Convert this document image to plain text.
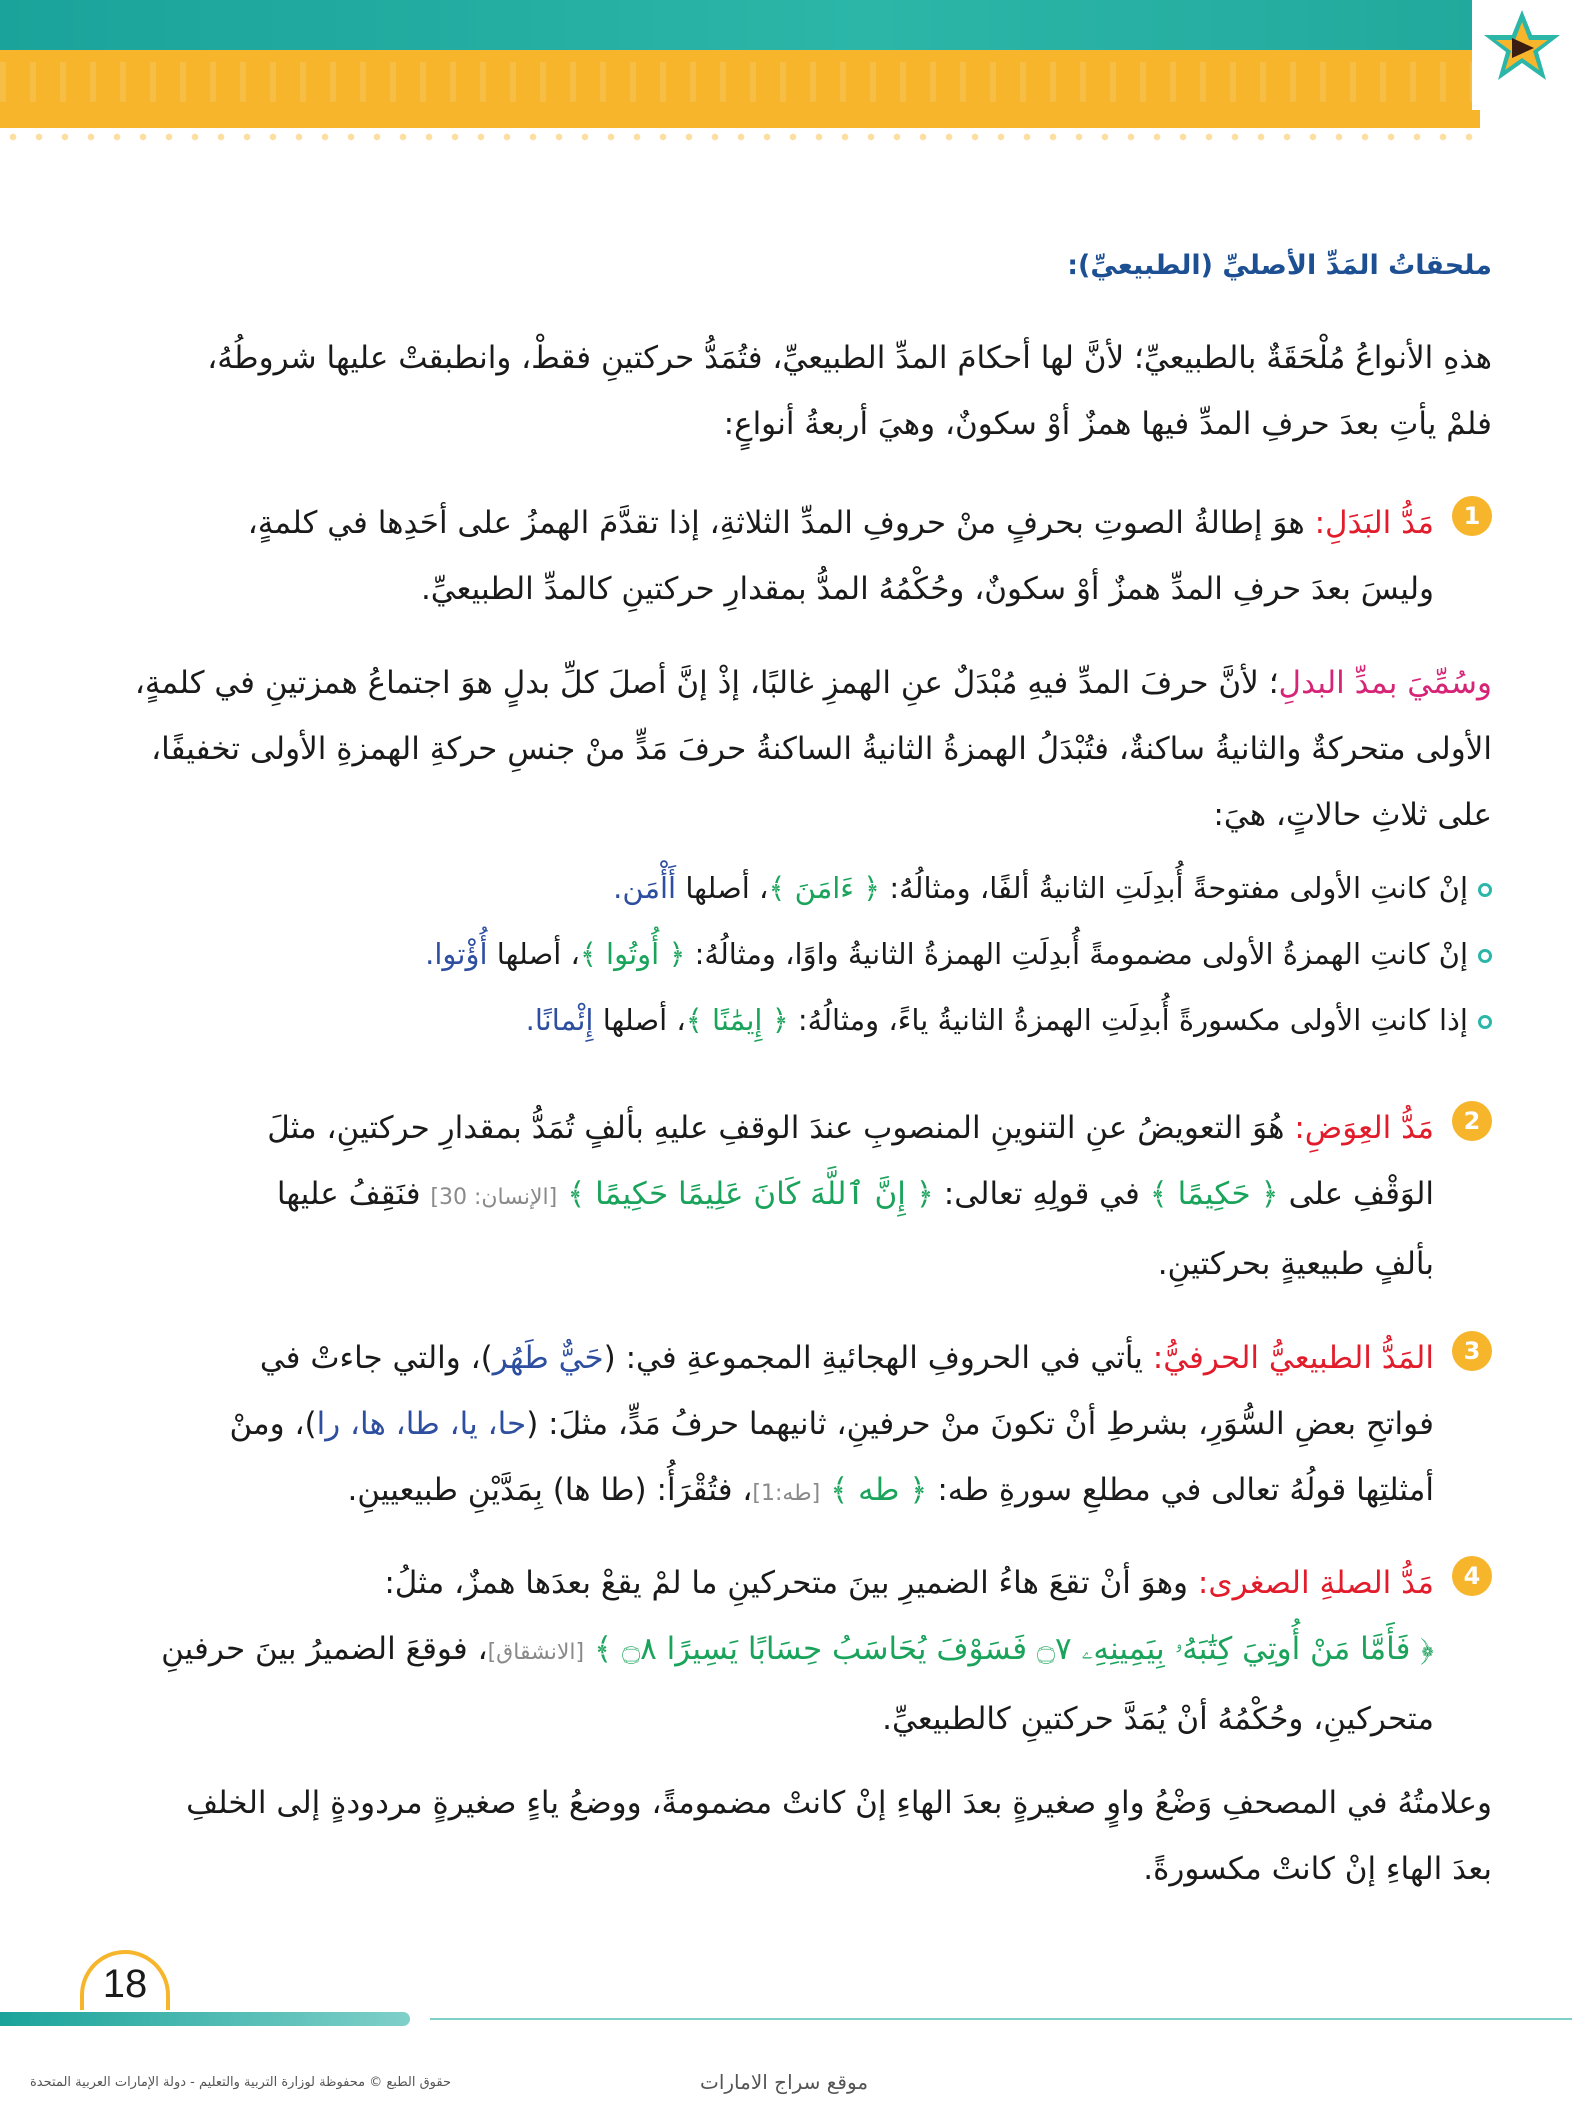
ملحقاتُ المَدِّ الأصليِّ (الطبيعيِّ):

هذهِ الأنواعُ مُلْحَقَةٌ بالطبيعيِّ؛ لأنَّ لها أحكامَ المدِّ الطبيعيِّ، فتُمَدُّ حركتينِ فقطْ، وانطبقتْ عليها شروطُهُ،

فلمْ يأتِ بعدَ حرفِ المدِّ فيها همزٌ أوْ سكونٌ، وهيَ أربعةُ أنواعٍ:

1
مَدُّ البَدَلِ: هوَ إطالةُ الصوتِ بحرفٍ منْ حروفِ المدِّ الثلاثةِ، إذا تقدَّمَ الهمزُ على أحَدِها في كلمةٍ،
وليسَ بعدَ حرفِ المدِّ همزٌ أوْ سكونٌ، وحُكْمُهُ المدُّ بمقدارِ حركتينِ كالمدِّ الطبيعيِّ.

وسُمِّيَ بمدِّ البدلِ؛ لأنَّ حرفَ المدِّ فيهِ مُبْدَلٌ عنِ الهمزِ غالبًا، إذْ إنَّ أصلَ كلِّ بدلٍ هوَ اجتماعُ همزتينِ في كلمةٍ،

الأولى متحركةٌ والثانيةُ ساكنةٌ، فتُبْدَلُ الهمزةُ الثانيةُ الساكنةُ حرفَ مَدٍّ منْ جنسِ حركةِ الهمزةِ الأولى تخفيفًا،

على ثلاثِ حالاتٍ، هيَ:

إنْ كانتِ الأولى مفتوحةً أُبدِلَتِ الثانيةُ ألفًا، ومثالُهُ: ﴿ ءَامَنَ ﴾، أصلها أَأْمَن.
إنْ كانتِ الهمزةُ الأولى مضمومةً أُبدِلَتِ الهمزةُ الثانيةُ واوًا، ومثالُهُ: ﴿ أُوتُوا ﴾، أصلها أُؤْتوا.
إذا كانتِ الأولى مكسورةً أُبدِلَتِ الهمزةُ الثانيةُ ياءً، ومثالُهُ: ﴿ إِيمَٰنًا ﴾، أصلها إِئْمانًا.
2
مَدُّ العِوَضِ: هُوَ التعويضُ عنِ التنوينِ المنصوبِ عندَ الوقفِ عليهِ بألفٍ تُمَدُّ بمقدارِ حركتينِ، مثلَ
الوَقْفِ على ﴿ حَكِيمًا ﴾ في قولِهِ تعالى: ﴿ إِنَّ ٱللَّهَ كَانَ عَلِيمًا حَكِيمًا ﴾ [الإنسان: 30] فنَقِفُ عليها
بألفٍ طبيعيةٍ بحركتينِ.
3
المَدُّ الطبيعيُّ الحرفيُّ: يأتي في الحروفِ الهجائيةِ المجموعةِ في: (حَيٌّ طَهُر)، والتي جاءتْ في
فواتحِ بعضِ السُّوَرِ، بشرطِ أنْ تكونَ منْ حرفينِ، ثانيهما حرفُ مَدٍّ، مثلَ: (حا، يا، طا، ها، را)، ومنْ
أمثلتِها قولُهُ تعالى في مطلعِ سورةِ طه: ﴿ طه ﴾ [طه:1]، فتُقْرَأُ: (طا ها) بِمَدَّيْنِ طبيعيينِ.
4
مَدُّ الصلةِ الصغرى: وهوَ أنْ تقعَ هاءُ الضميرِ بينَ متحركينِ ما لمْ يقعْ بعدَها همزٌ، مثلُ:
﴿ فَأَمَّا مَنْ أُوتِيَ كِتَٰبَهُۥ بِيَمِينِهِۦ ۝٧ فَسَوْفَ يُحَاسَبُ حِسَابًا يَسِيرًا ۝٨ ﴾ [الانشقاق]، فوقعَ الضميرُ بينَ حرفينِ
متحركينِ، وحُكْمُهُ أنْ يُمَدَّ حركتينِ كالطبيعيِّ.

وعلامتُهُ في المصحفِ وَضْعُ واوٍ صغيرةٍ بعدَ الهاءِ إنْ كانتْ مضمومةً، ووضعُ ياءٍ صغيرةٍ مردودةٍ إلى الخلفِ

بعدَ الهاءِ إنْ كانتْ مكسورةً.

18
حقوق الطبع © محفوظة لوزارة التربية والتعليم - دولة الإمارات العربية المتحدة	موقع سراج الامارات
